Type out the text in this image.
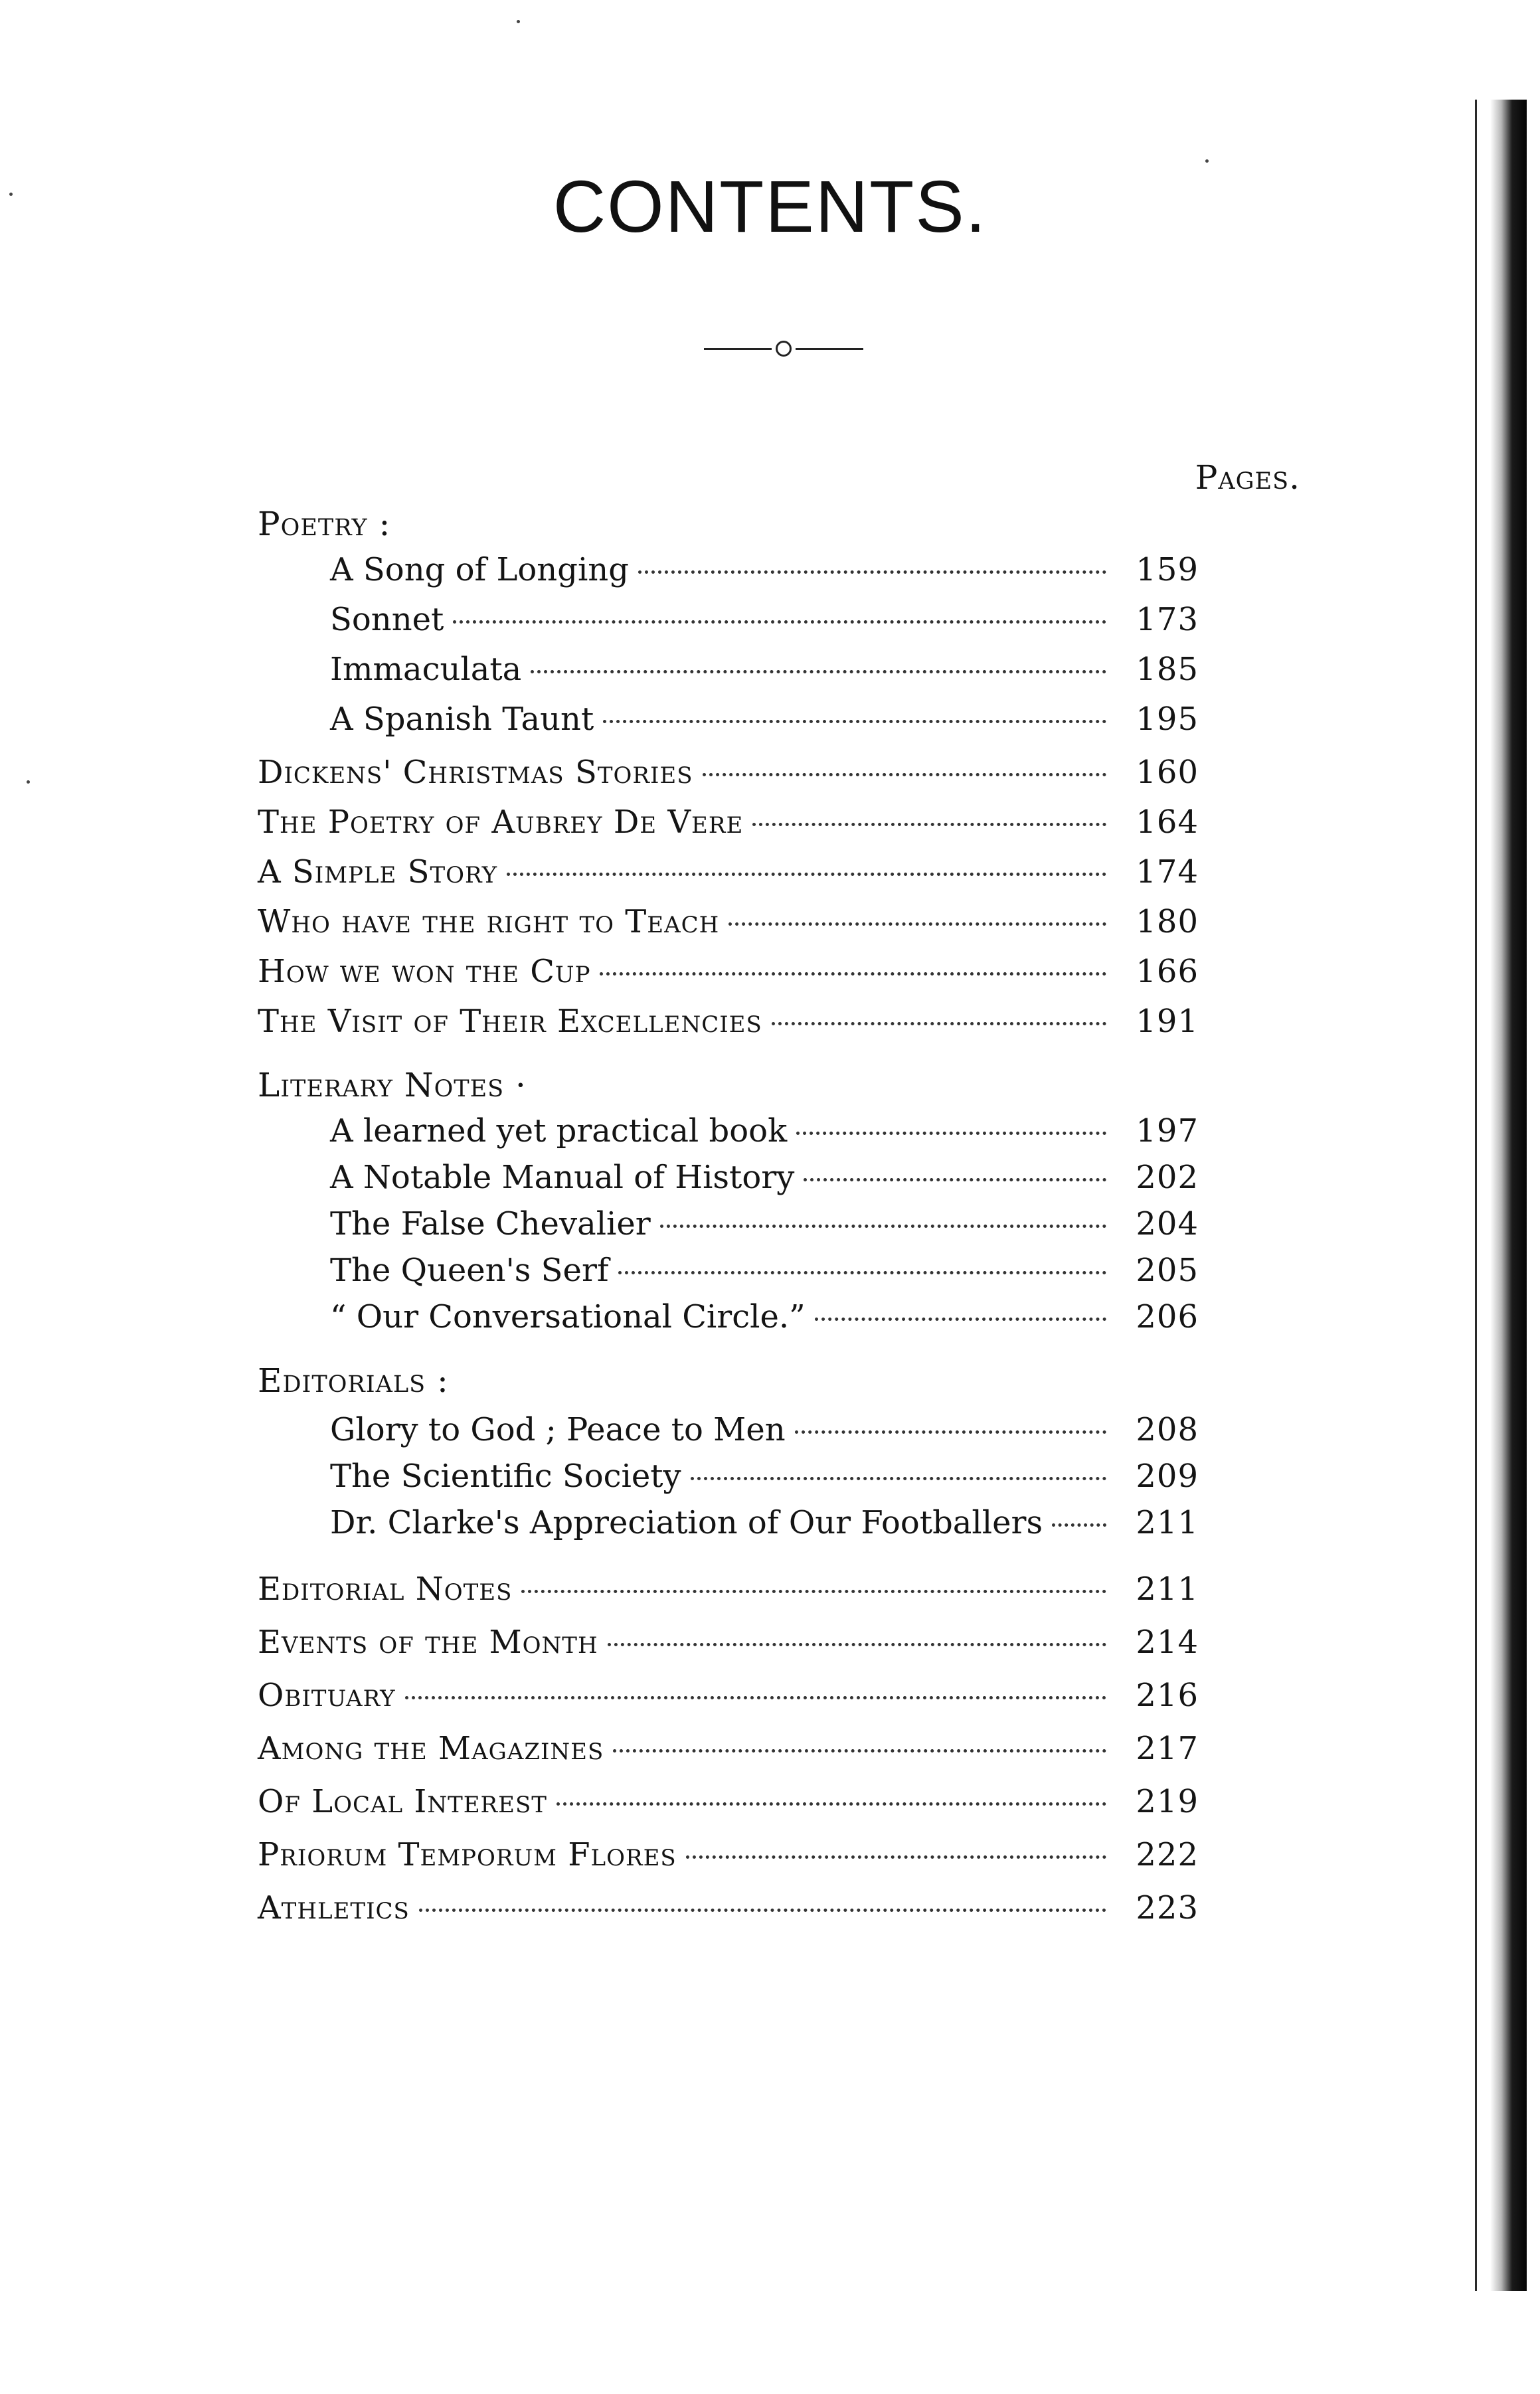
CONTENTS.
Pages.
Poetry :
A Song of Longing	159
Sonnet	173
Immaculata	185
A Spanish Taunt	195
Dickens' Christmas Stories	160
The Poetry of Aubrey De Vere	164
A Simple Story	174
Who have the right to Teach	180
How we won the Cup	166
The Visit of Their Excellencies	191
Literary Notes ·
A learned yet practical book	197
A Notable Manual of History	202
The False Chevalier	204
The Queen's Serf	205
“ Our Conversational Circle.”	206
Editorials :
Glory to God ; Peace to Men	208
The Scientific Society	209
Dr. Clarke's Appreciation of Our Footballers	211
Editorial Notes	211
Events of the Month	214
Obituary	216
Among the Magazines	217
Of Local Interest	219
Priorum Temporum Flores	222
Athletics	223
